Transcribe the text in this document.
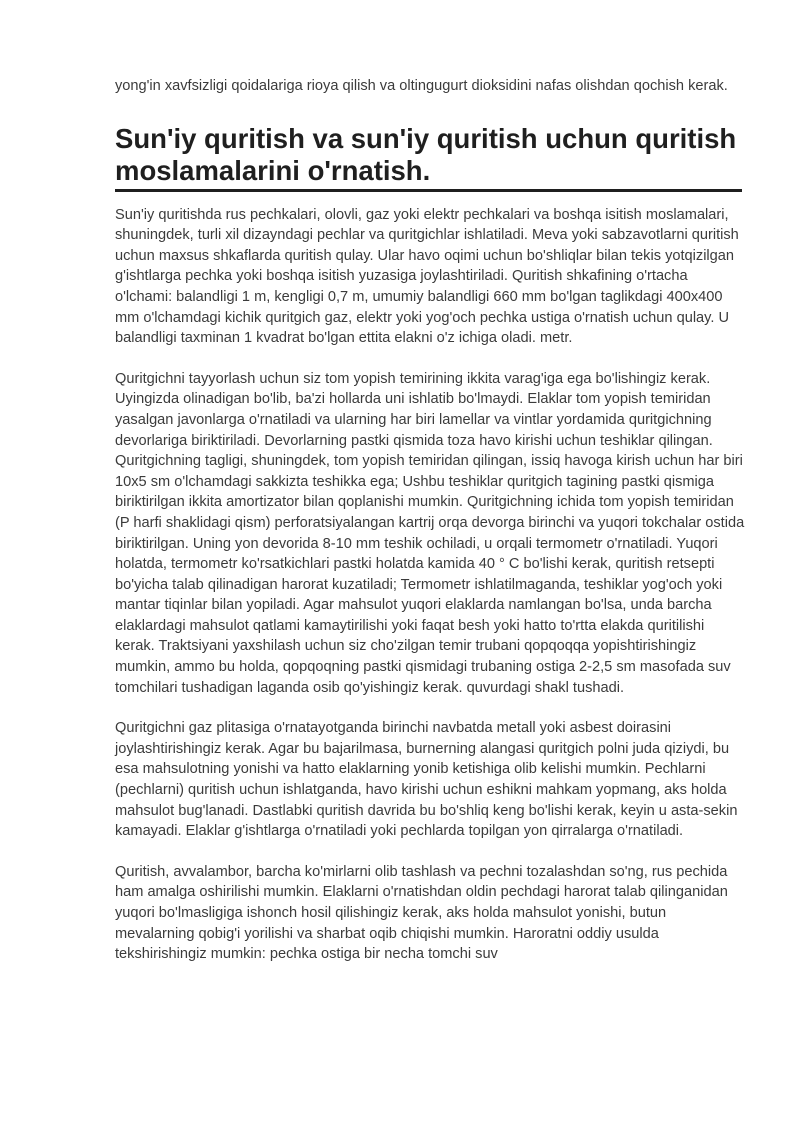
yong'in xavfsizligi qoidalariga rioya qilish va oltingugurt dioksidini nafas olishdan qochish kerak.

Sun'iy quritish va sun'iy quritish uchun quritish moslamalarini o'rnatish.

Sun'iy quritishda rus pechkalari, olovli, gaz yoki elektr pechkalari va boshqa isitish moslamalari, shuningdek, turli xil dizayndagi pechlar va quritgichlar ishlatiladi. Meva yoki sabzavotlarni quritish uchun maxsus shkaflarda quritish qulay. Ular havo oqimi uchun bo'shliqlar bilan tekis yotqizilgan g'ishtlarga pechka yoki boshqa isitish yuzasiga joylashtiriladi. Quritish shkafining o'rtacha o'lchami: balandligi 1 m, kengligi 0,7 m, umumiy balandligi 660 mm bo'lgan taglikdagi 400x400 mm o'lchamdagi kichik quritgich gaz, elektr yoki yog'och pechka ustiga o'rnatish uchun qulay. U balandligi taxminan 1 kvadrat bo'lgan ettita elakni o'z ichiga oladi. metr.

Quritgichni tayyorlash uchun siz tom yopish temirining ikkita varag'iga ega bo'lishingiz kerak. Uyingizda olinadigan bo'lib, ba'zi hollarda uni ishlatib bo'lmaydi. Elaklar tom yopish temiridan yasalgan javonlarga o'rnatiladi va ularning har biri lamellar va vintlar yordamida quritgichning devorlariga biriktiriladi. Devorlarning pastki qismida toza havo kirishi uchun teshiklar qilingan. Quritgichning tagligi, shuningdek, tom yopish temiridan qilingan, issiq havoga kirish uchun har biri 10x5 sm o'lchamdagi sakkizta teshikka ega; Ushbu teshiklar quritgich tagining pastki qismiga biriktirilgan ikkita amortizator bilan qoplanishi mumkin. Quritgichning ichida tom yopish temiridan (P harfi shaklidagi qism) perforatsiyalangan kartrij orqa devorga birinchi va yuqori tokchalar ostida biriktirilgan. Uning yon devorida 8-10 mm teshik ochiladi, u orqali termometr o'rnatiladi. Yuqori holatda, termometr ko'rsatkichlari pastki holatda kamida 40 ° C bo'lishi kerak, quritish retsepti bo'yicha talab qilinadigan harorat kuzatiladi; Termometr ishlatilmaganda, teshiklar yog'och yoki mantar tiqinlar bilan yopiladi. Agar mahsulot yuqori elaklarda namlangan bo'lsa, unda barcha elaklardagi mahsulot qatlami kamaytirilishi yoki faqat besh yoki hatto to'rtta elakda quritilishi kerak. Traktsiyani yaxshilash uchun siz cho'zilgan temir trubani qopqoqqa yopishtirishingiz mumkin, ammo bu holda, qopqoqning pastki qismidagi trubaning ostiga 2-2,5 sm masofada suv tomchilari tushadigan laganda osib qo'yishingiz kerak. quvurdagi shakl tushadi.

Quritgichni gaz plitasiga o'rnatayotganda birinchi navbatda metall yoki asbest doirasini joylashtirishingiz kerak. Agar bu bajarilmasa, burnerning alangasi quritgich polni juda qiziydi, bu esa mahsulotning yonishi va hatto elaklarning yonib ketishiga olib kelishi mumkin. Pechlarni (pechlarni) quritish uchun ishlatganda, havo kirishi uchun eshikni mahkam yopmang, aks holda mahsulot bug'lanadi. Dastlabki quritish davrida bu bo'shliq keng bo'lishi kerak, keyin u asta-sekin kamayadi. Elaklar g'ishtlarga o'rnatiladi yoki pechlarda topilgan yon qirralarga o'rnatiladi.

Quritish, avvalambor, barcha ko'mirlarni olib tashlash va pechni tozalashdan so'ng, rus pechida ham amalga oshirilishi mumkin. Elaklarni o'rnatishdan oldin pechdagi harorat talab qilinganidan yuqori bo'lmasligiga ishonch hosil qilishingiz kerak, aks holda mahsulot yonishi, butun mevalarning qobig'i yorilishi va sharbat oqib chiqishi mumkin. Haroratni oddiy usulda tekshirishingiz mumkin: pechka ostiga bir necha tomchi suv
